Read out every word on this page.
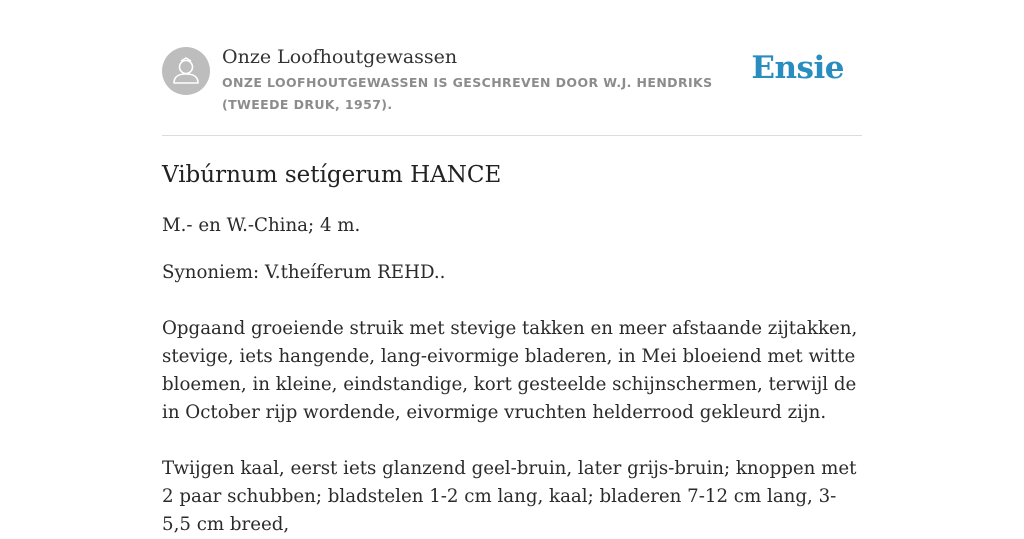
Onze Loofhoutgewassen
ONZE LOOFHOUTGEWASSEN IS GESCHREVEN DOOR W.J. HENDRIKS (TWEEDE DRUK, 1957).
Ensie
Vibúrnum setígerum HANCE

M.- en W.-China; 4 m.

Synoniem: V.theíferum REHD..

Opgaand groeiende struik met stevige takken en meer afstaande zijtakken, stevige, iets hangende, lang-eivormige bladeren, in Mei bloeiend met witte bloemen, in kleine, eindstandige, kort gesteelde schijnschermen, terwijl de in October rijp wordende, eivormige vruchten helderrood gekleurd zijn.

Twijgen kaal, eerst iets glanzend geel-bruin, later grijs-bruin; knoppen met 2 paar schubben; bladstelen 1-2 cm lang, kaal; bladeren 7-12 cm lang, 3- 5,5 cm breed,
